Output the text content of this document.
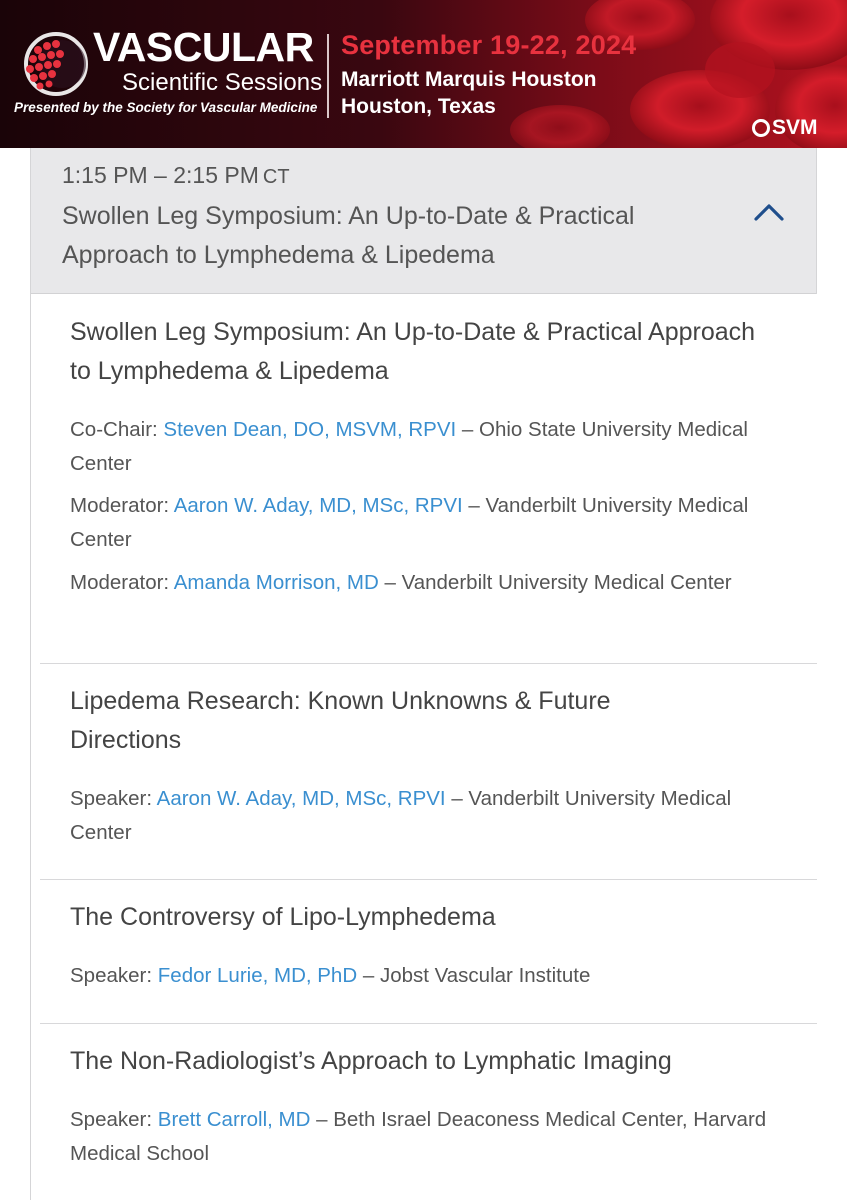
VASCULAR
Scientific Sessions
Presented by the Society for Vascular Medicine
September 19-22, 2024
Marriott Marquis Houston
Houston, Texas
SVM
1:15 PM – 2:15 PM CT
Swollen Leg Symposium: An Up-to-Date & Practical Approach to Lymphedema & Lipedema
Swollen Leg Symposium: An Up-to-Date & Practical Approach to Lymphedema & Lipedema
Co-Chair: Steven Dean, DO, MSVM, RPVI – Ohio State University Medical Center
Moderator: Aaron W. Aday, MD, MSc, RPVI – Vanderbilt University Medical Center
Moderator: Amanda Morrison, MD – Vanderbilt University Medical Center
Lipedema Research: Known Unknowns & Future Directions
Speaker: Aaron W. Aday, MD, MSc, RPVI – Vanderbilt University Medical Center
The Controversy of Lipo-Lymphedema
Speaker: Fedor Lurie, MD, PhD – Jobst Vascular Institute
The Non-Radiologist’s Approach to Lymphatic Imaging
Speaker: Brett Carroll, MD – Beth Israel Deaconess Medical Center, Harvard Medical School
